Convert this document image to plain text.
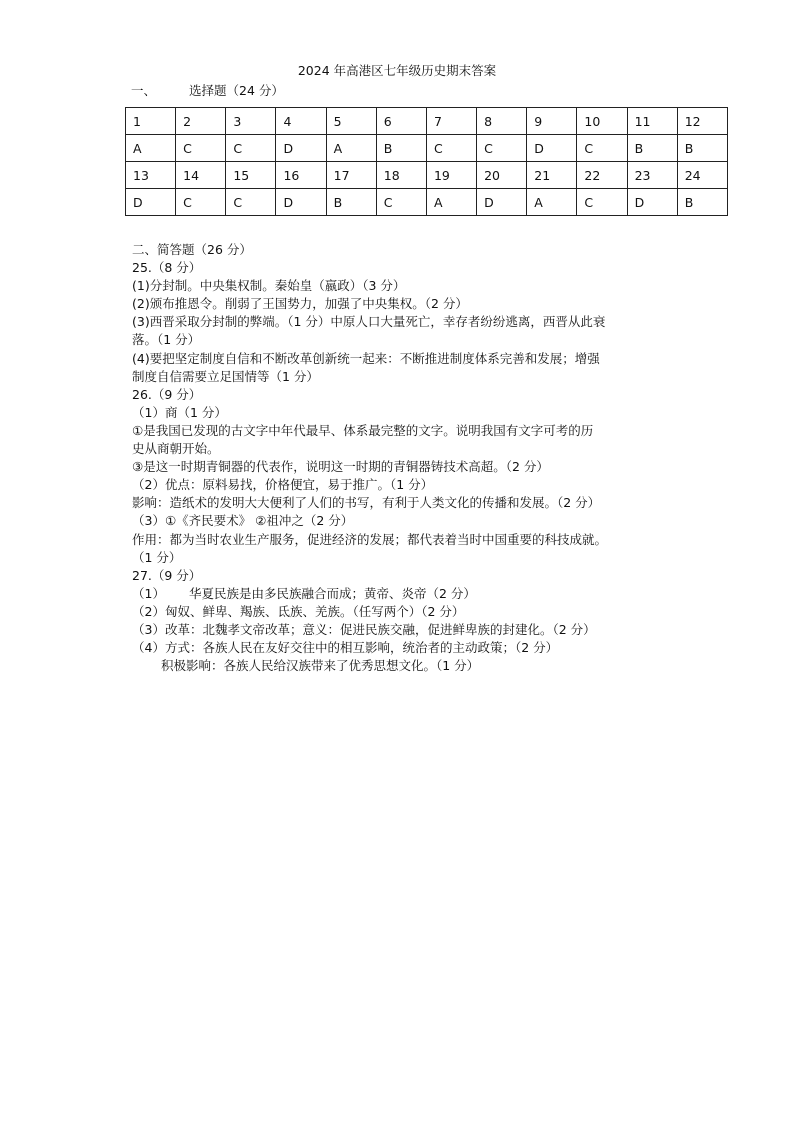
2024 年高港区七年级历史期末答案
一、	选择题（24 分）
1	2	3	4	5	6	7	8	9	10	11	12
A	C	C	D	A	B	C	C	D	C	B	B
13	14	15	16	17	18	19	20	21	22	23	24
D	C	C	D	B	C	A	D	A	C	D	B
二、简答题（26 分）
25.（8 分）
(1)分封制。中央集权制。秦始皇（嬴政）（3 分）
(2)颁布推恩令。削弱了王国势力，加强了中央集权。（2 分）
(3)西晋采取分封制的弊端。（1 分）中原人口大量死亡，幸存者纷纷逃离，西晋从此衰
落。（1 分）
(4)要把坚定制度自信和不断改革创新统一起来：不断推进制度体系完善和发展；增强
制度自信需要立足国情等（1 分）
26.（9 分）
（1）商（1 分）
①是我国已发现的古文字中年代最早、体系最完整的文字。说明我国有文字可考的历
史从商朝开始。
③是这一时期青铜器的代表作，说明这一时期的青铜器铸技术高超。（2 分）
（2）优点：原料易找，价格便宜，易于推广。（1 分）
影响：造纸术的发明大大便利了人们的书写，有利于人类文化的传播和发展。（2 分）
（3）①《齐民要术》 ②祖冲之（2 分）
作用：都为当时农业生产服务，促进经济的发展；都代表着当时中国重要的科技成就。
（1 分）
27.（9 分）
（1） 华夏民族是由多民族融合而成；黄帝、炎帝（2 分）
（2）匈奴、鲜卑、羯族、氐族、羌族。（任写两个）（2 分）
（3）改革：北魏孝文帝改革；意义：促进民族交融，促进鲜卑族的封建化。（2 分）
（4）方式：各族人民在友好交往中的相互影响，统治者的主动政策；（2 分）
积极影响：各族人民给汉族带来了优秀思想文化。（1 分）
